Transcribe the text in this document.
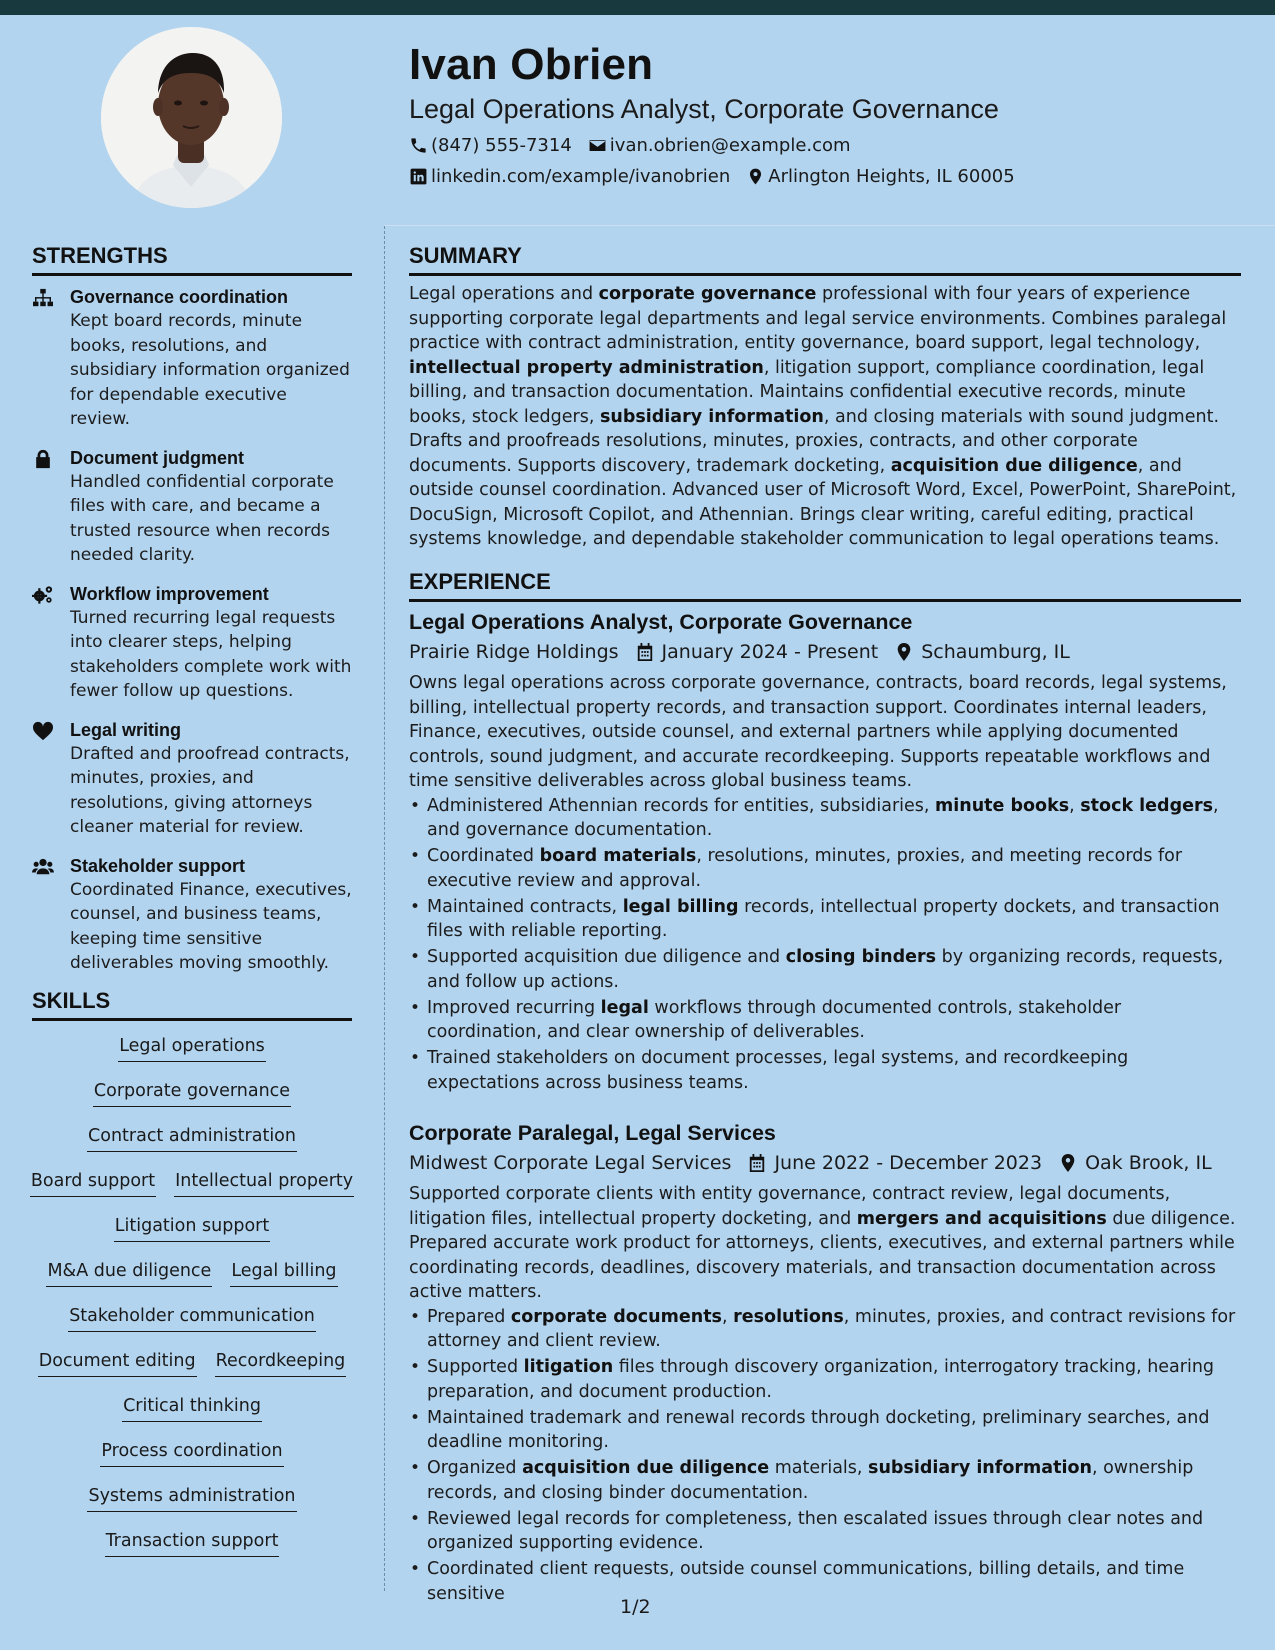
Ivan Obrien
Legal Operations Analyst, Corporate Governance
(847) 555-7314 ivan.obrien@example.com
linkedin.com/example/ivanobrien Arlington Heights, IL 60005
STRENGTHS
Governance coordination
Kept board records, minute books, resolutions, and subsidiary information organized for dependable executive review.
Document judgment
Handled confidential corporate files with care, and became a trusted resource when records needed clarity.
Workflow improvement
Turned recurring legal requests into clearer steps, helping stakeholders complete work with fewer follow up questions.
Legal writing
Drafted and proofread contracts, minutes, proxies, and resolutions, giving attorneys cleaner material for review.
Stakeholder support
Coordinated Finance, executives, counsel, and business teams, keeping time sensitive deliverables moving smoothly.
SKILLS
Legal operations
Corporate governance
Contract administration
Board support Intellectual property
Litigation support
M&A due diligence Legal billing
Stakeholder communication
Document editing Recordkeeping
Critical thinking
Process coordination
Systems administration
Transaction support
SUMMARY
Legal operations and corporate governance professional with four years of experience supporting corporate legal departments and legal service environments. Combines paralegal practice with contract administration, entity governance, board support, legal technology, intellectual property administration, litigation support, compliance coordination, legal billing, and transaction documentation. Maintains confidential executive records, minute books, stock ledgers, subsidiary information, and closing materials with sound judgment. Drafts and proofreads resolutions, minutes, proxies, contracts, and other corporate documents. Supports discovery, trademark docketing, acquisition due diligence, and outside counsel coordination. Advanced user of Microsoft Word, Excel, PowerPoint, SharePoint, DocuSign, Microsoft Copilot, and Athennian. Brings clear writing, careful editing, practical systems knowledge, and dependable stakeholder communication to legal operations teams.
EXPERIENCE
Legal Operations Analyst, Corporate Governance
Prairie Ridge Holdings January 2024 - Present Schaumburg, IL
Owns legal operations across corporate governance, contracts, board records, legal systems, billing, intellectual property records, and transaction support. Coordinates internal leaders, Finance, executives, outside counsel, and external partners while applying documented controls, sound judgment, and accurate recordkeeping. Supports repeatable workflows and time sensitive deliverables across global business teams.
• Administered Athennian records for entities, subsidiaries, minute books, stock ledgers, and governance documentation.
• Coordinated board materials, resolutions, minutes, proxies, and meeting records for executive review and approval.
• Maintained contracts, legal billing records, intellectual property dockets, and transaction files with reliable reporting.
• Supported acquisition due diligence and closing binders by organizing records, requests, and follow up actions.
• Improved recurring legal workflows through documented controls, stakeholder coordination, and clear ownership of deliverables.
• Trained stakeholders on document processes, legal systems, and recordkeeping expectations across business teams.
Corporate Paralegal, Legal Services
Midwest Corporate Legal Services June 2022 - December 2023 Oak Brook, IL
Supported corporate clients with entity governance, contract review, legal documents, litigation files, intellectual property docketing, and mergers and acquisitions due diligence. Prepared accurate work product for attorneys, clients, executives, and external partners while coordinating records, deadlines, discovery materials, and transaction documentation across active matters.
• Prepared corporate documents, resolutions, minutes, proxies, and contract revisions for attorney and client review.
• Supported litigation files through discovery organization, interrogatory tracking, hearing preparation, and document production.
• Maintained trademark and renewal records through docketing, preliminary searches, and deadline monitoring.
• Organized acquisition due diligence materials, subsidiary information, ownership records, and closing binder documentation.
• Reviewed legal records for completeness, then escalated issues through clear notes and organized supporting evidence.
• Coordinated client requests, outside counsel communications, billing details, and time sensitive
1/2
